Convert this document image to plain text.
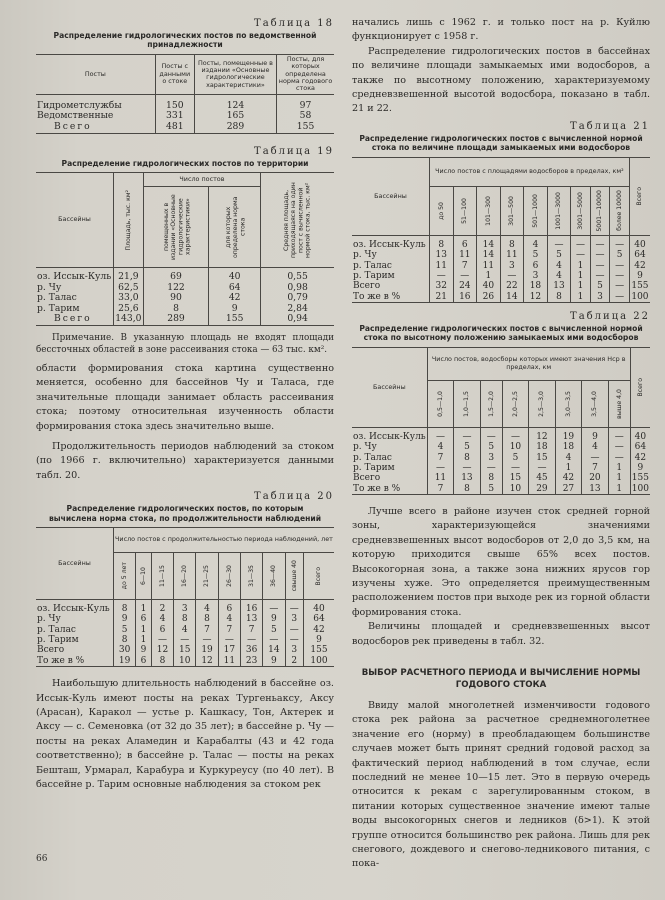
Таблица 18
Распределение гидрологических постов по ведомственной принадлежности
Посты	Посты с данными о стоке	Посты, помещенные в издании «Основные гидрологические характеристики»	Посты, для которых определена норма годового стока

Гидрометслужбы	150	124	97
Ведомственные	331	165	58
Всего	481	289	155
Таблица 19
Распределение гидрологических постов по территории
Бассейны	Площадь, тыс. км²	Число постов		Средняя площадь, приходящаяся на один пост с вычисленной нормой стока, тыс. км²

		помещенных в издании «Основные гидрологические характеристики»	для которых определена норма стока	

оз. Иссык-Куль	21,9	69	40	0,55
р. Чу	62,5	122	64	0,98
р. Талас	33,0	90	42	0,79
р. Тарим	25,6	8	9	2,84
Всего	143,0	289	155	0,94

Примечание. В указанную площадь не входят площади бессточных областей в зоне рассеивания стока — 63 тыс. км².

области формирования стока картина существенно меняется, особенно для бассейнов Чу и Таласа, где значительные площади занимает область рассеивания стока; поэтому относительная изученность области формирования стока здесь значительно выше.

Продолжительность периодов наблюдений за стоком (по 1966 г. включительно) характеризуется данными табл. 20.

Таблица 20
Распределение гидрологических постов, по которым вычислена норма стока, по продолжительности наблюдений
Бассейны	Число постов с продолжительностью периода наблюдений, лет									

	до 5 лет	6—10	11—15	16—20	21—25	26—30	31—35	36—40	свыше 40	Всего

оз. Иссык-Куль	8	1	2	3	4	6	16	—	—	40
р. Чу	9	6	4	8	8	4	13	9	3	64
р. Талас	5	1	6	4	7	7	7	5	—	42
р. Тарим	8	1	—	—	—	—	—	—	—	9
Всего	30	9	12	15	19	17	36	14	3	155
То же в %	19	6	8	10	12	11	23	9	2	100

Наибольшую длительность наблюдений в бассейне оз. Иссык-Куль имеют посты на реках Тургеньаксу, Аксу (Арасан), Каракол — устье р. Кашкасу, Тон, Актерек и Аксу — с. Семеновка (от 32 до 35 лет); в бассейне р. Чу — посты на реках Аламедин и Карабалты (43 и 42 года соответственно); в бассейне р. Талас — посты на реках Бешташ, Урмарал, Карабура и Куркуреусу (по 40 лет). В бассейне р. Тарим основные наблюдения за стоком рек

66

начались лишь с 1962 г. и только пост на р. Куйлю функционирует с 1958 г.

Распределение гидрологических постов в бассейнах по величине площади замыкаемых ими водосборов, а также по высотному положению, характеризуемому средневзвешенной высотой водосбора, показано в табл. 21 и 22.

Таблица 21
Распределение гидрологических постов с вычисленной нормой стока по величине площади замыкаемых ими водосборов
Бассейны	Число постов с площадями водосборов в пределах, км²									Всего

	до 50	51—100	101—300	301—500	501—1000	1001—3000	3001—5000	5001—10000	более 10000	

оз. Иссык-Куль	8	6	14	8	4	—	—	—	—	40
р. Чу	13	11	14	11	5	5	—	—	5	64
р. Талас	11	7	11	3	6	4	1	—	—	42
р. Тарим	—	—	1	—	3	4	1	—	—	9
Всего	32	24	40	22	18	13	1	5	—	155
То же в %	21	16	26	14	12	8	1	3	—	100
Таблица 22
Распределение гидрологических постов с вычисленной нормой стока по высотному положению замыкаемых ими водосборов
Бассейны	Число постов, водосборы которых имеют значения Hср в пределах, км								Всего

	0,5—1,0	1,0—1,5	1,5—2,0	2,0—2,5	2,5—3,0	3,0—3,5	3,5—4,0	выше 4,0	

оз. Иссык-Куль	—	—	—	—	12	19	9	—	40
р. Чу	4	5	5	10	18	18	4	—	64
р. Талас	7	8	3	5	15	4	—	—	42
р. Тарим	—	—	—	—	—	1	7	1	9
Всего	11	13	8	15	45	42	20	1	155
То же в %	7	8	5	10	29	27	13	1	100

Лучше всего в районе изучен сток средней горной зоны, характеризующейся значениями средневзвешенных высот водосборов от 2,0 до 3,5 км, на которую приходится свыше 65% всех постов. Высокогорная зона, а также зона нижних ярусов гор изучены хуже. Это определяется преимущественным расположением постов при выходе рек из горной области формирования стока.

Величины площадей и средневзвешенных высот водосборов рек приведены в табл. 32.

ВЫБОР РАСЧЕТНОГО ПЕРИОДА И ВЫЧИСЛЕНИЕ НОРМЫ ГОДОВОГО СТОКА

Ввиду малой многолетней изменчивости годового стока рек района за расчетное среднемноголетнее значение его (норму) в преобладающем большинстве случаев может быть принят средний годовой расход за фактический период наблюдений в том случае, если последний не менее 10—15 лет. Это в первую очередь относится к рекам с зарегулированным стоком, в питании которых существенное значение имеют талые воды высокогорных снегов и ледников (δ>1). К этой группе относится большинство рек района. Лишь для рек снегового, дождевого и снегово-ледникового питания, с пока-
